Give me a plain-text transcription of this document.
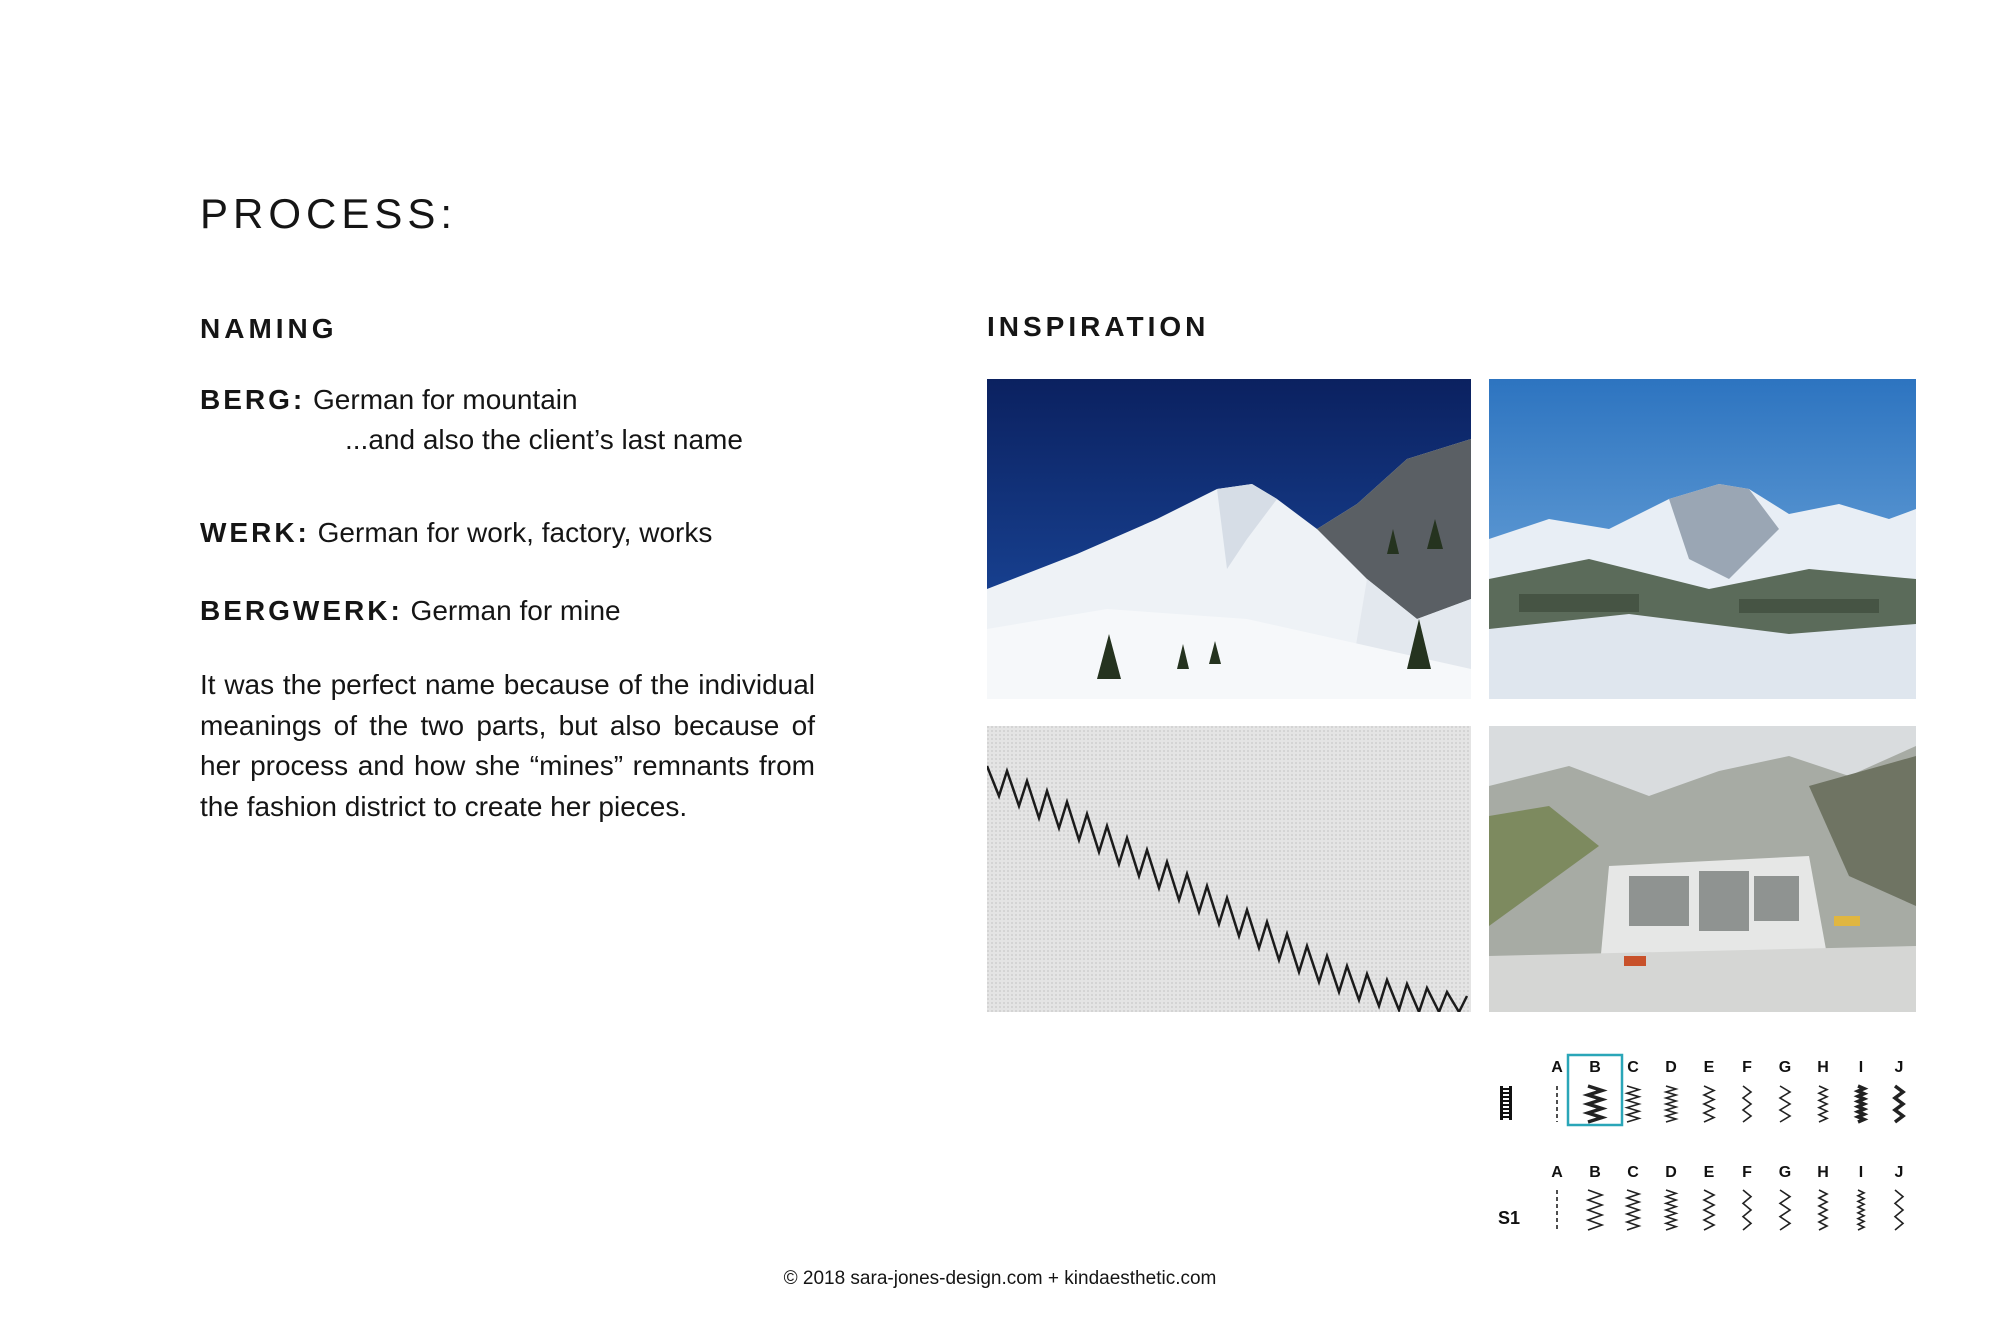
PROCESS:
NAMING
BERG: German for mountain
...and also the client’s last name
WERK: German for work, factory, works
BERGWERK: German for mine

It was the perfect name because of the individual meanings of the two parts, but also because of her process and how she “mines” remnants from the fashion district to create her pieces.

INSPIRATION
A B C D E F G H I J
A B C D E F G H I J
S1
© 2018 sara-jones-design.com + kindaesthetic.com
